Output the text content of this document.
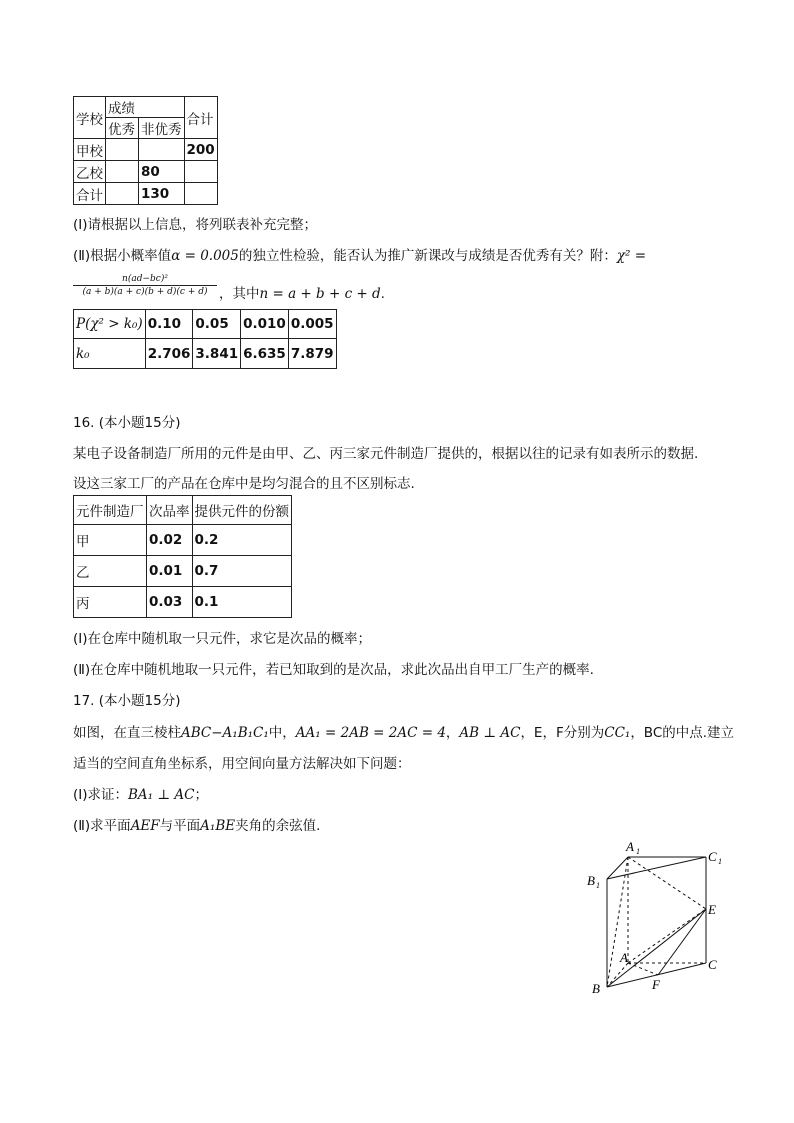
学校	成绩		合计
	优秀	非优秀	
甲校			200
乙校		80	
合计		130	
(Ⅰ)请根据以上信息，将列联表补充完整；
(Ⅱ)根据小概率值α = 0.005的独立性检验，能否认为推广新课改与成绩是否优秀有关？附：χ² =
n(ad−bc)²
(a + b)(a + c)(b + d)(c + d) ，其中n = a + b + c + d.
P(χ² > k₀)	0.10	0.05	0.010	0.005
k₀	2.706	3.841	6.635	7.879
16. (本小题15分)
某电子设备制造厂所用的元件是由甲、乙、丙三家元件制造厂提供的，根据以往的记录有如表所示的数据.
设这三家工厂的产品在仓库中是均匀混合的且不区别标志.
元件制造厂	次品率	提供元件的份额
甲	0.02	0.2
乙	0.01	0.7
丙	0.03	0.1
(Ⅰ)在仓库中随机取一只元件，求它是次品的概率；
(Ⅱ)在仓库中随机地取一只元件，若已知取到的是次品，求此次品出自甲工厂生产的概率.
17. (本小题15分)
如图，在直三棱柱ABC−A₁B₁C₁中，AA₁ = 2AB = 2AC = 4，AB ⊥ AC，E，F分别为CC₁，BC的中点.建立
适当的空间直角坐标系，用空间向量方法解决如下问题：
(Ⅰ)求证：BA₁ ⊥ AC；
(Ⅱ)求平面AEF与平面A₁BE夹角的余弦值.
A 1	C 1
B 1
E
A	C
B	F
